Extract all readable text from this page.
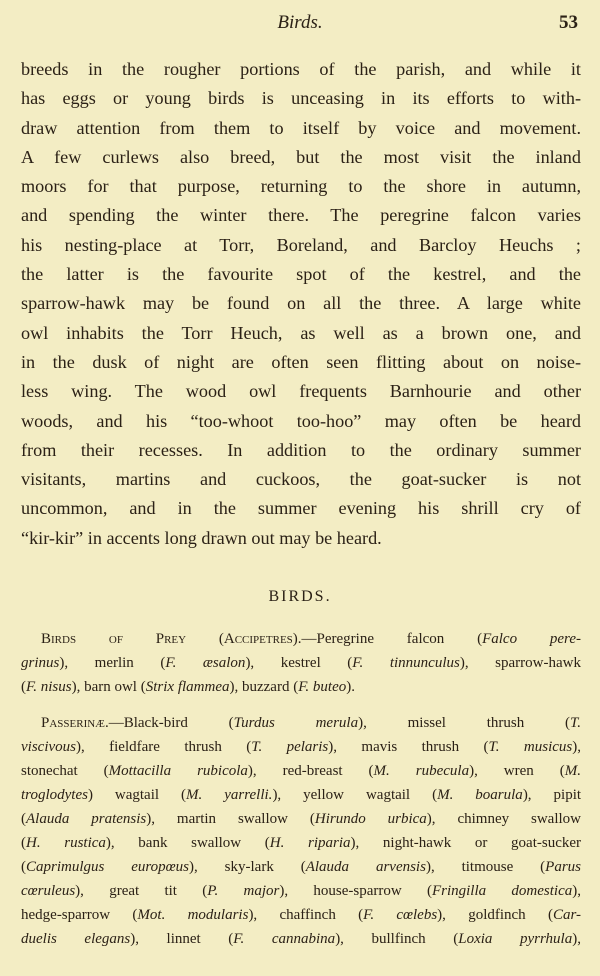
Birds.	53
breeds in the rougher portions of the parish, and while it
has eggs or young birds is unceasing in its efforts to with-
draw attention from them to itself by voice and movement.
A few curlews also breed, but the most visit the inland
moors for that purpose, returning to the shore in autumn,
and spending the winter there. The peregrine falcon varies
his nesting-place at Torr, Boreland, and Barcloy Heuchs ;
the latter is the favourite spot of the kestrel, and the
sparrow-hawk may be found on all the three. A large white
owl inhabits the Torr Heuch, as well as a brown one, and
in the dusk of night are often seen flitting about on noise-
less wing. The wood owl frequents Barnhourie and other
woods, and his “too-whoot too-hoo” may often be heard
from their recesses. In addition to the ordinary summer
visitants, martins and cuckoos, the goat-sucker is not
uncommon, and in the summer evening his shrill cry of
“kir-kir” in accents long drawn out may be heard.
BIRDS.
Birds of Prey (Accipetres).—Peregrine falcon (Falco pere-
grinus), merlin (F. æsalon), kestrel (F. tinnunculus), sparrow-hawk
(F. nisus), barn owl (Strix flammea), buzzard (F. buteo).
Passerinæ.—Black-bird (Turdus merula), missel thrush (T.
viscivous), fieldfare thrush (T. pelaris), mavis thrush (T. musicus),
stonechat (Mottacilla rubicola), red-breast (M. rubecula), wren (M.
troglodytes) wagtail (M. yarrelli.), yellow wagtail (M. boarula), pipit
(Alauda pratensis), martin swallow (Hirundo urbica), chimney swallow
(H. rustica), bank swallow (H. riparia), night-hawk or goat-sucker
(Caprimulgus europœus), sky-lark (Alauda arvensis), titmouse (Parus
cœruleus), great tit (P. major), house-sparrow (Fringilla domestica),
hedge-sparrow (Mot. modularis), chaffinch (F. cœlebs), goldfinch (Car-
duelis elegans), linnet (F. cannabina), bullfinch (Loxia pyrrhula),
